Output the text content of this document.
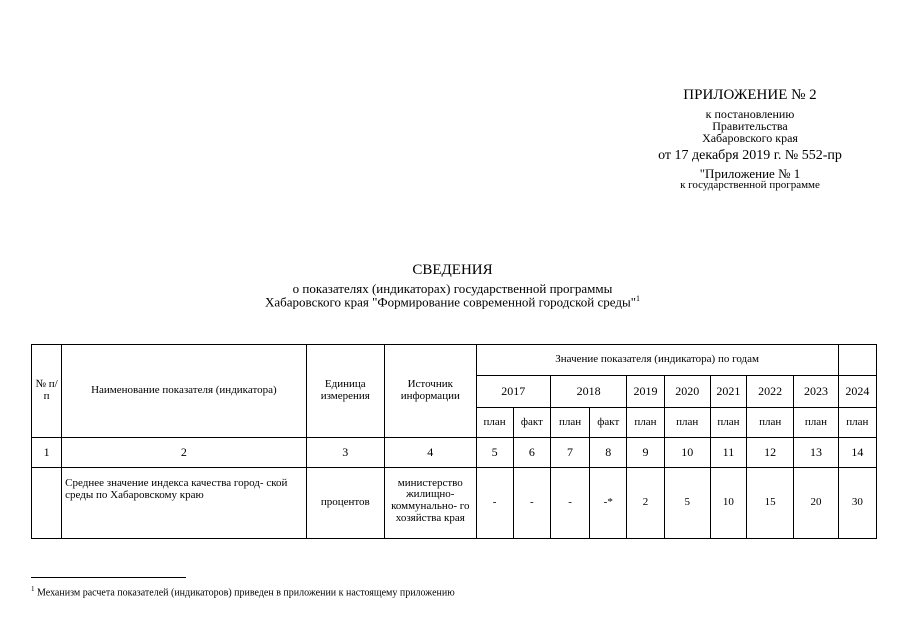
ПРИЛОЖЕНИЕ № 2
к постановлению
Правительства
Хабаровского края
от 17 декабря 2019 г. № 552-пр
"Приложение № 1
к государственной программе
СВЕДЕНИЯ
о показателях (индикаторах) государственной программы
Хабаровского края "Формирование современной городской среды"$^1$
№ п/п	Наименование показателя (индикатора)	Единица измерения	Источник информации	Значение показателя (индикатора) по годам									
				2017		2018		2019	2020	2021	2022	2023	2024
				план	факт	план	факт	план	план	план	план	план	план
1	2	3	4	5	6	7	8	9	10	11	12	13	14
	Среднее значение индекса качества город- ской среды по Хабаровскому краю	процентов	министерство жилищно- коммунально- го хозяйства края	-	-	-	-*	2	5	10	15	20	30
$^1$ Механизм расчета показателей (индикаторов) приведен в приложении к настоящему приложению
